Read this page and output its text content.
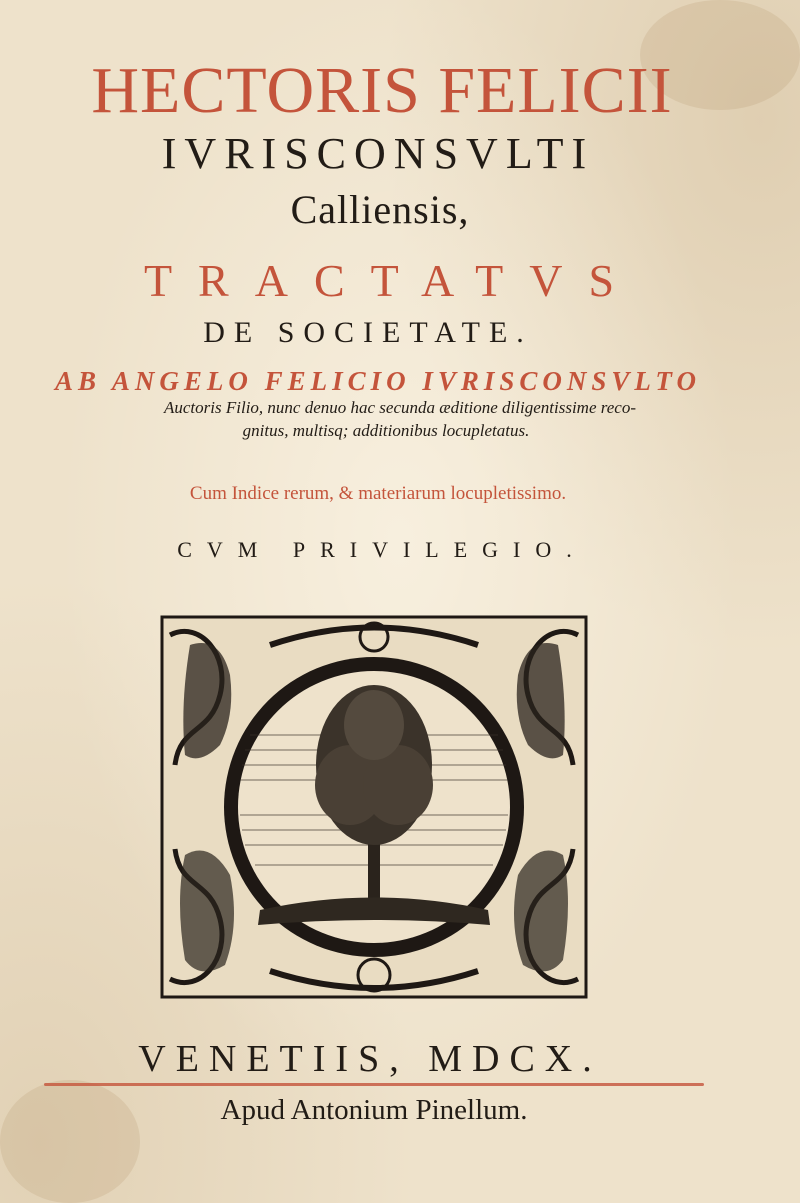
HECTORIS FELICII
IVRISCONSVLTI
Calliensis,
TRACTATVS
DE SOCIETATE.
AB ANGELO FELICIO IVRISCONSVLTO
Auctoris Filio, nunc denuo hac secunda æditione diligentissime reco-
gnitus, multisq; additionibus locupletatus.
Cum Indice rerum, & materiarum locupletissimo.
CVM PRIVILEGIO.
VENETIIS, MDCX.
Apud Antonium Pinellum.
